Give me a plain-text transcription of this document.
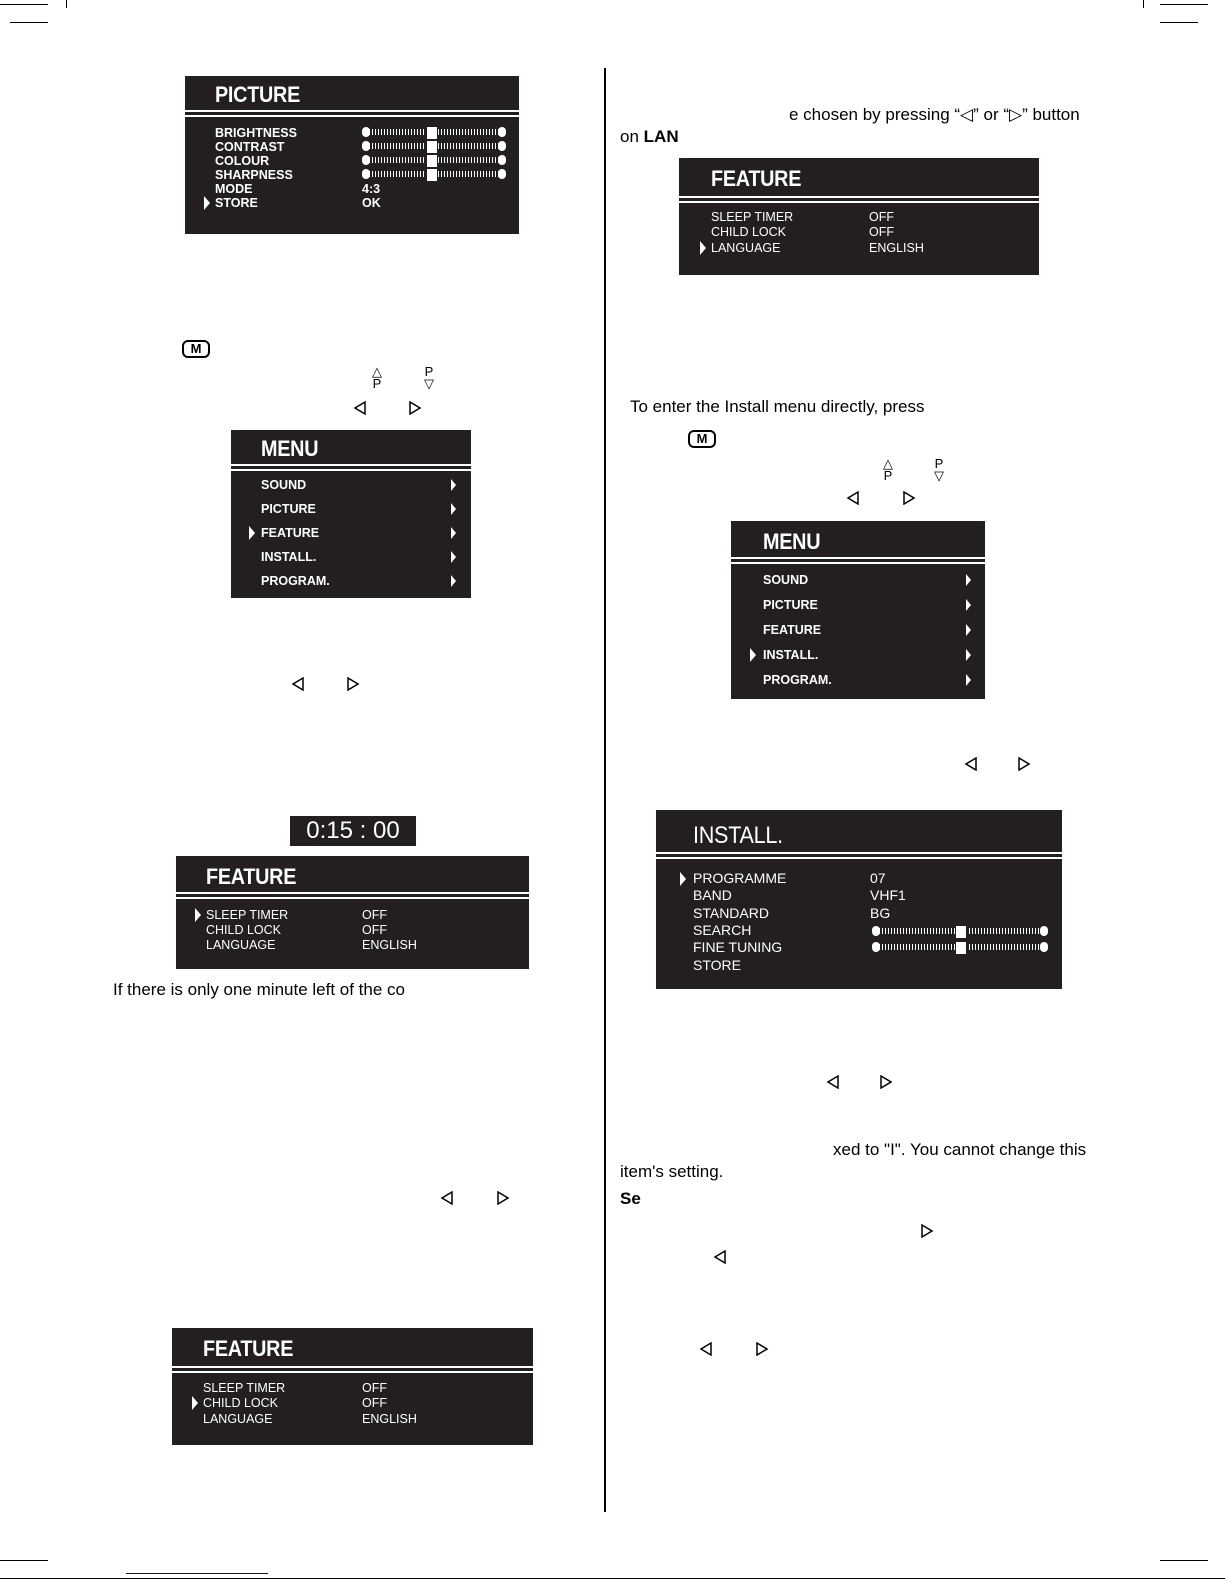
PICTURE
BRIGHTNESS
CONTRAST
COLOUR
SHARPNESS
MODE
STORE
4:3
OK
M
△
P
P
▽
MENU
SOUND
PICTURE
FEATURE
INSTALL.
PROGRAM.
0:15 : 00
FEATURE
SLEEP TIMER
CHILD LOCK
LANGUAGE
OFF
OFF
ENGLISH
If there is only one minute left of the co
FEATURE
SLEEP TIMER
CHILD LOCK
LANGUAGE
OFF
OFF
ENGLISH
e chosen by pressing “◁” or “▷” button
on LAN
FEATURE
SLEEP TIMER
CHILD LOCK
LANGUAGE
OFF
OFF
ENGLISH
To enter the Install menu directly, press
M
△
P
P
▽
MENU
SOUND
PICTURE
FEATURE
INSTALL.
PROGRAM.
INSTALL.
PROGRAMME
BAND
STANDARD
SEARCH
FINE TUNING
STORE
07
VHF1
BG
xed to "I". You cannot change this
item's setting.
Se
